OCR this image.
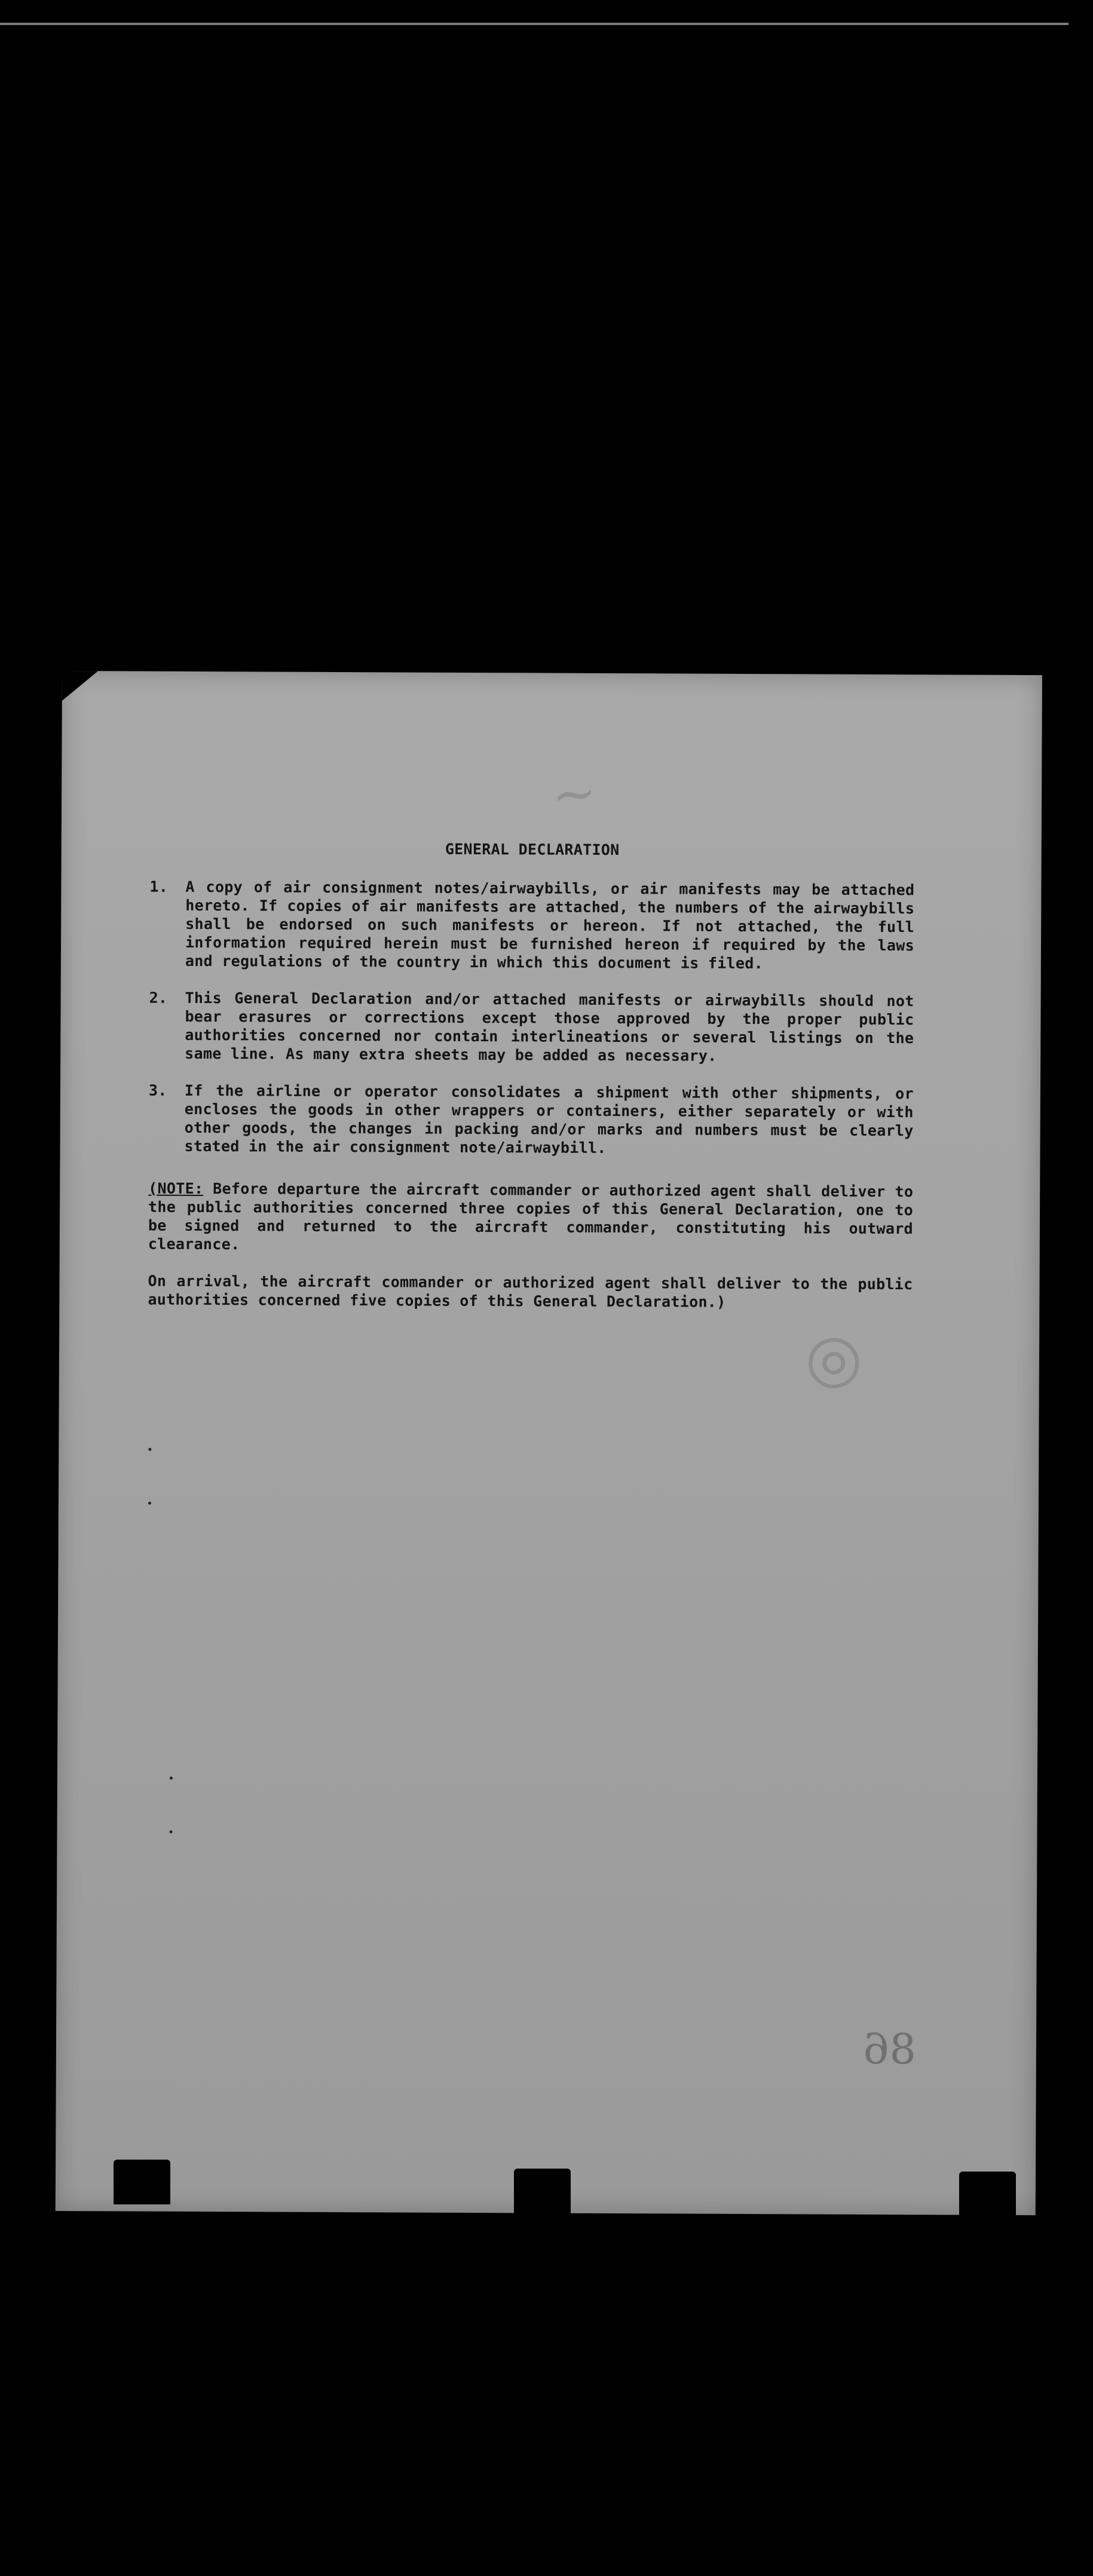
~
◎
86
GENERAL DECLARATION
1.	A copy of air consignment notes/airwaybills, or air manifests may be attached hereto. If copies of air manifests are attached, the numbers of the airwaybills shall be endorsed on such manifests or hereon. If not attached, the full information required herein must be furnished hereon if required by the laws and regulations of the country in which this document is filed.
2.	This General Declaration and/or attached manifests or airwaybills should not bear erasures or corrections except those approved by the proper public authorities concerned nor contain interlineations or several listings on the same line. As many extra sheets may be added as necessary.
3.	If the airline or operator consolidates a shipment with other shipments, or encloses the goods in other wrappers or containers, either separately or with other goods, the changes in packing and/or marks and numbers must be clearly stated in the air consignment note/airwaybill.
(NOTE: Before departure the aircraft commander or authorized agent shall deliver to the public authorities concerned three copies of this General Declaration, one to be signed and returned to the aircraft commander, constituting his outward clearance.
On arrival, the aircraft commander or authorized agent shall deliver to the public authorities concerned five copies of this General Declaration.)
